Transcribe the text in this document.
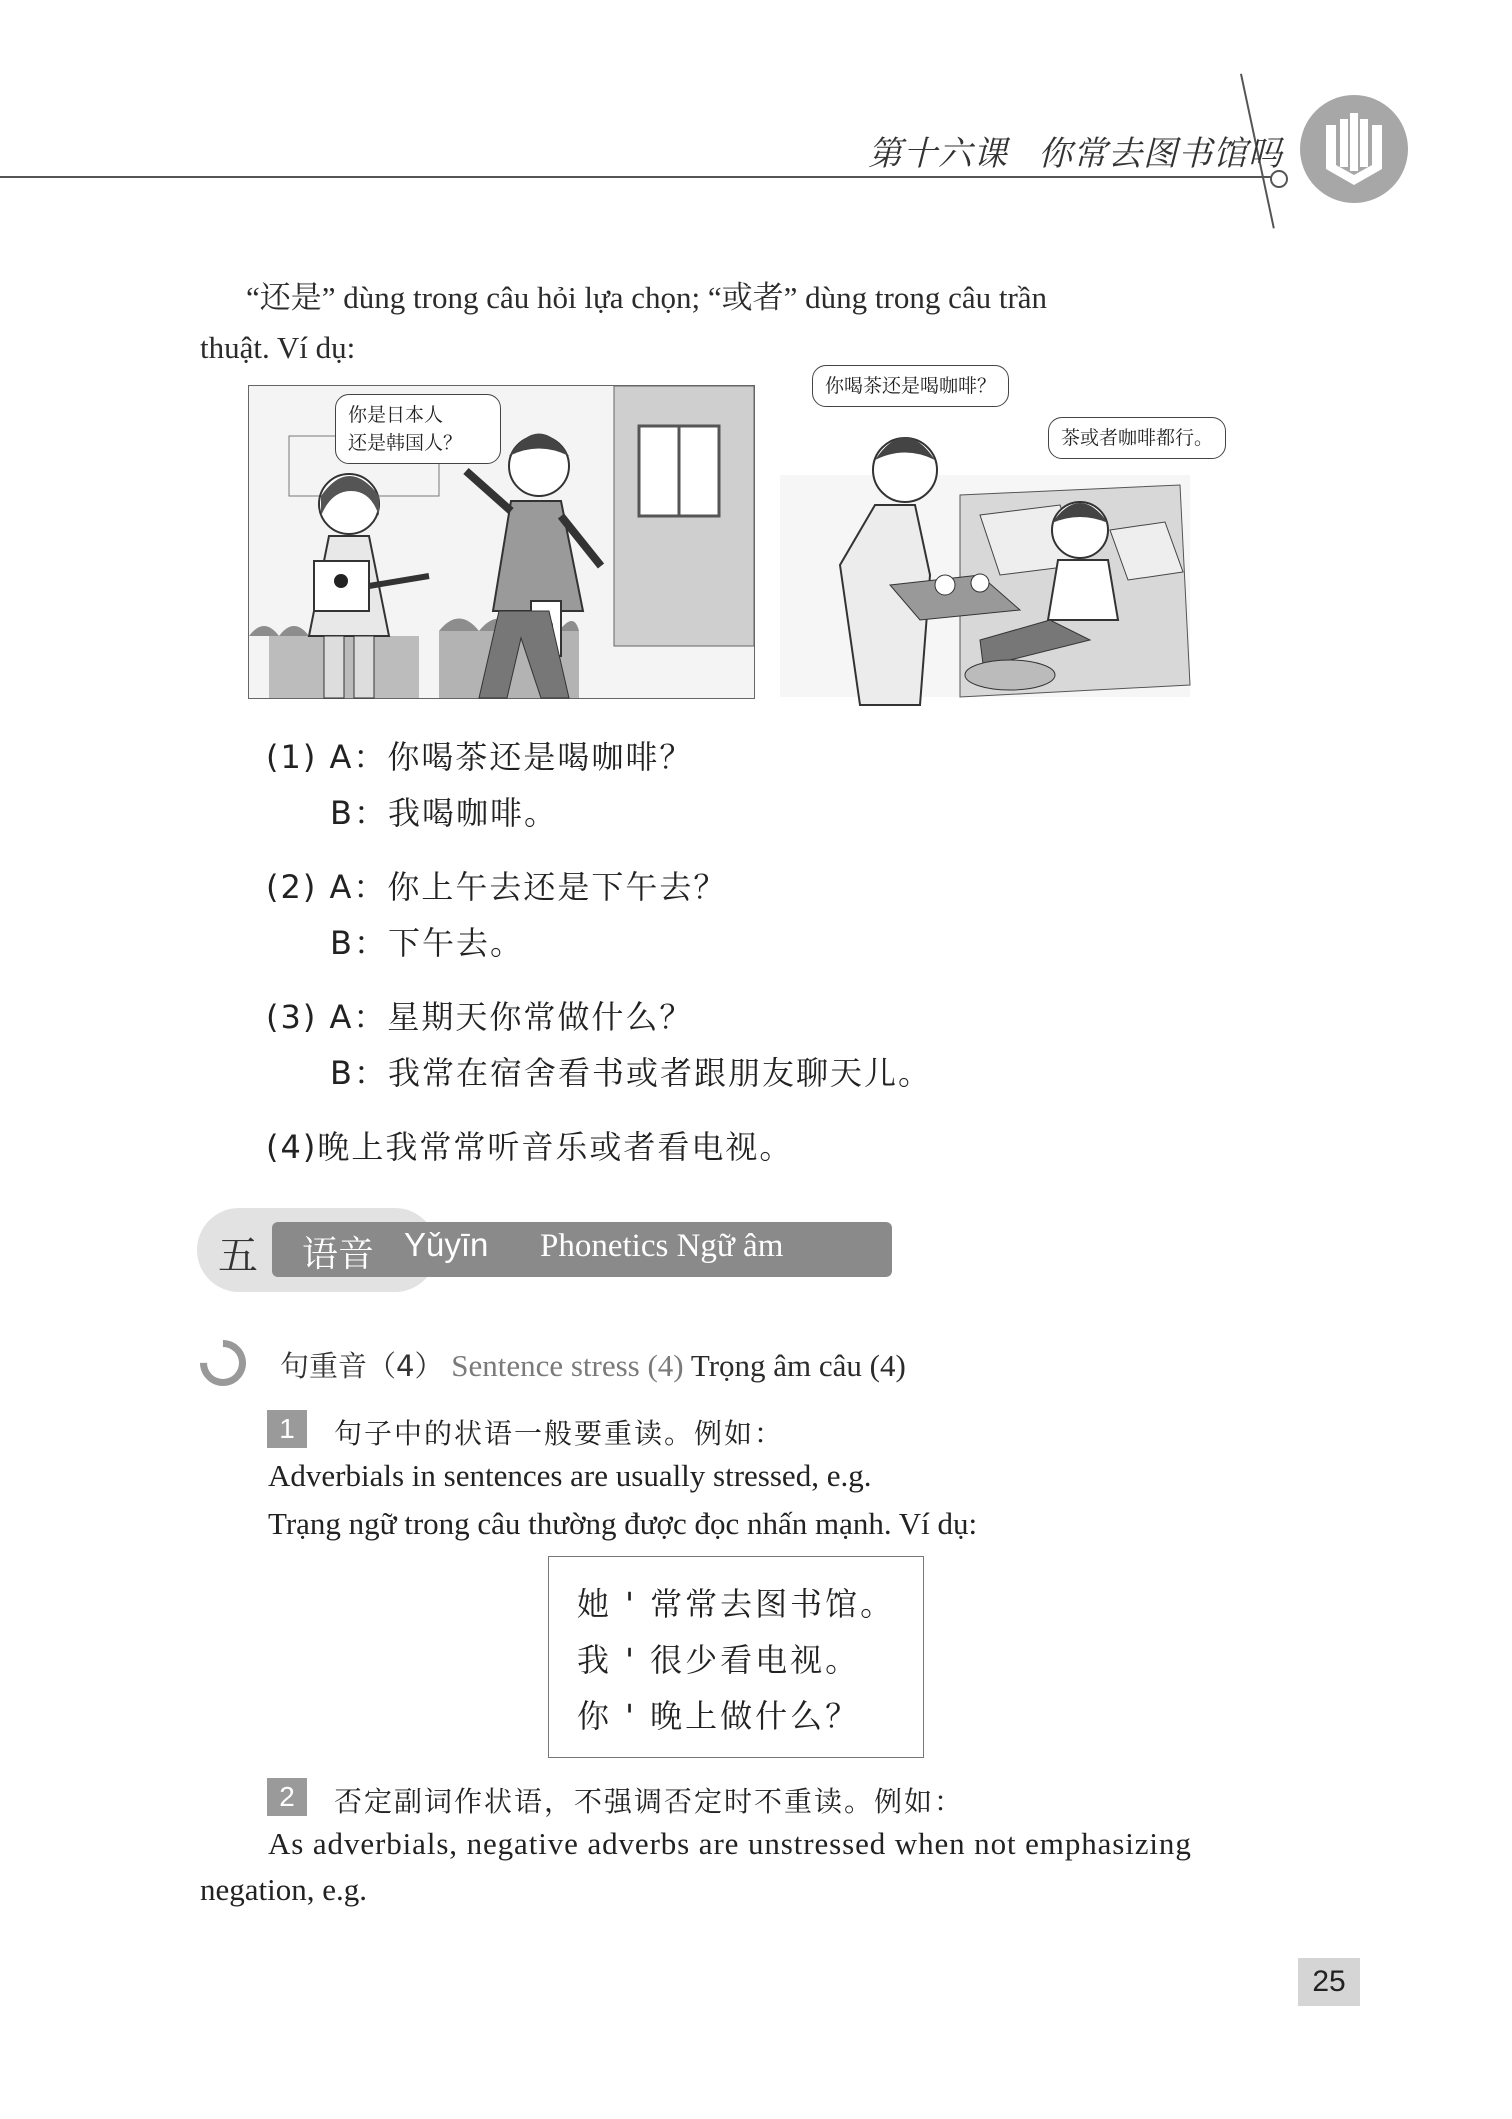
第十六课 你常去图书馆吗
“还是” dùng trong câu hỏi lựa chọn; “或者” dùng trong câu trần
thuật. Ví dụ:
你是日本人
还是韩国人？
你喝茶还是喝咖啡？
茶或者咖啡都行。
(1) A：你喝茶还是喝咖啡？
B：我喝咖啡。
(2) A：你上午去还是下午去？
B：下午去。
(3) A：星期天你常做什么？
B：我常在宿舍看书或者跟朋友聊天儿。
(4)晚上我常常听音乐或者看电视。
五 语音 Yǔyīn Phonetics Ngữ âm
句重音（4） Sentence stress (4) Trọng âm câu (4)
1	句子中的状语一般要重读。例如：
Adverbials in sentences are usually stressed, e.g.
Trạng ngữ trong câu thường được đọc nhấn mạnh. Ví dụ:
她 ' 常常去图书馆。
我 ' 很少看电视。
你 ' 晚上做什么？
2	否定副词作状语，不强调否定时不重读。例如：
As adverbials, negative adverbs are unstressed when not emphasizing
negation, e.g.
25
